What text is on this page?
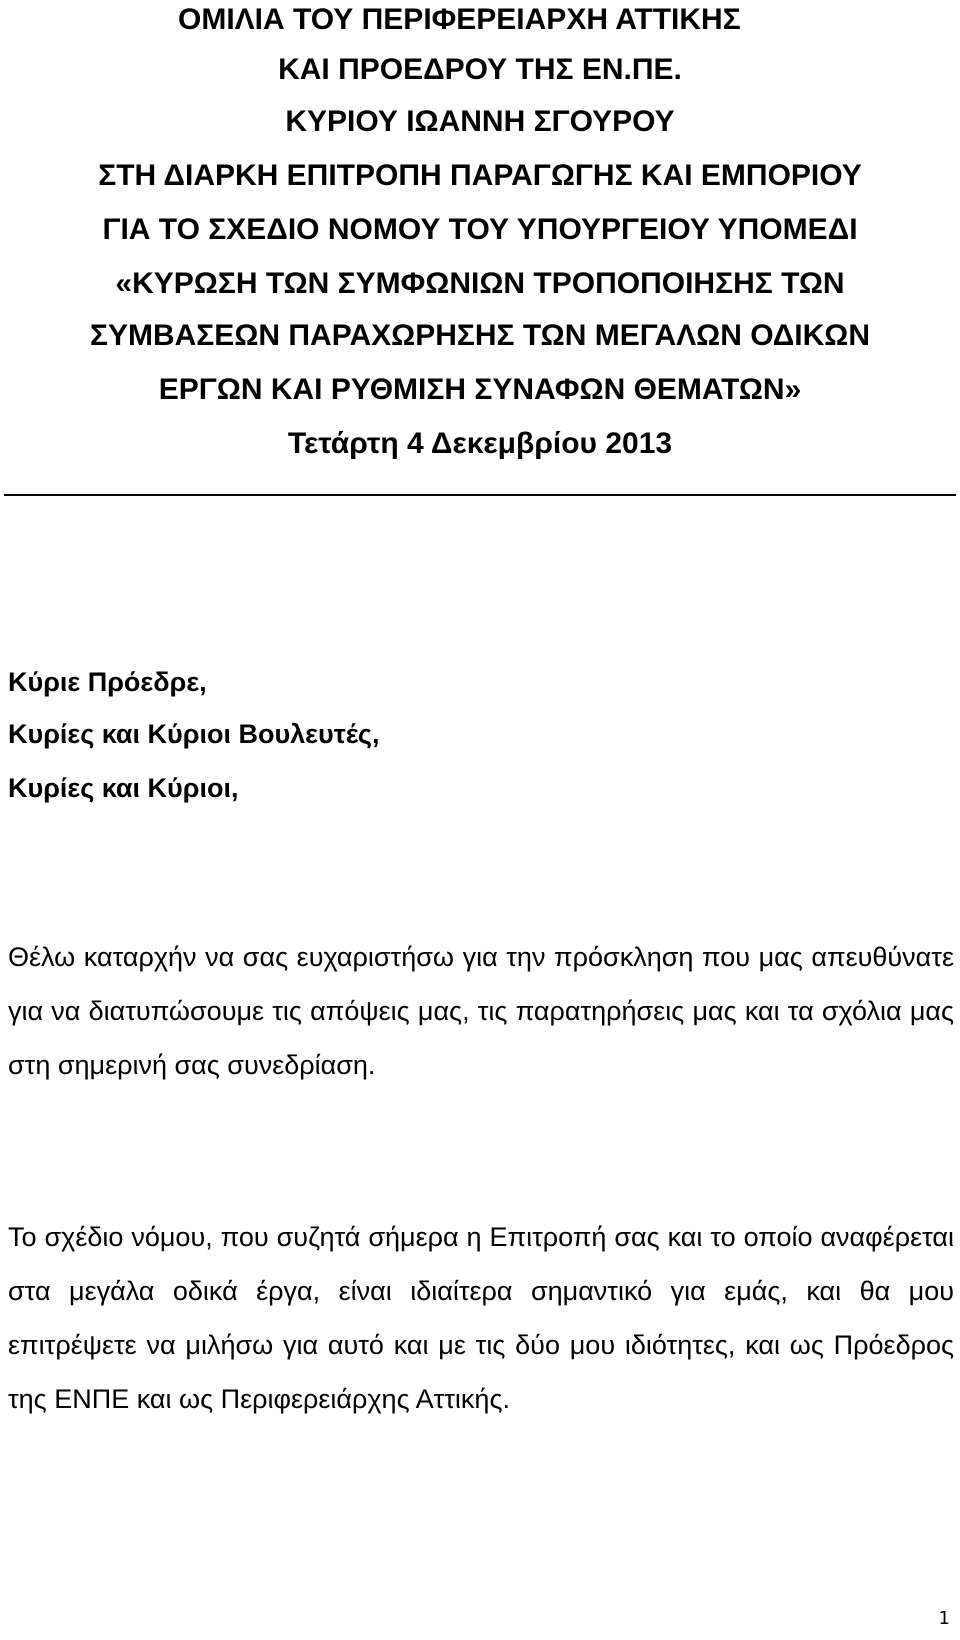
ΟΜΙΛΙΑ ΤΟΥ ΠΕΡΙΦΕΡΕΙΑΡΧΗ ΑΤΤΙΚΗΣ
ΚΑΙ ΠΡΟΕΔΡΟΥ ΤΗΣ ΕΝ.ΠΕ.
ΚΥΡΙΟΥ ΙΩΑΝΝΗ ΣΓΟΥΡΟΥ
ΣΤΗ ΔΙΑΡΚΗ ΕΠΙΤΡΟΠΗ ΠΑΡΑΓΩΓΗΣ ΚΑΙ ΕΜΠΟΡΙΟΥ
ΓΙΑ ΤΟ ΣΧΕΔΙΟ ΝΟΜΟΥ ΤΟΥ ΥΠΟΥΡΓΕΙΟΥ ΥΠΟΜΕΔΙ
«ΚΥΡΩΣΗ ΤΩΝ ΣΥΜΦΩΝΙΩΝ ΤΡΟΠΟΠΟΙΗΣΗΣ ΤΩΝ
ΣΥΜΒΑΣΕΩΝ ΠΑΡΑΧΩΡΗΣΗΣ ΤΩΝ ΜΕΓΑΛΩΝ ΟΔΙΚΩΝ
ΕΡΓΩΝ ΚΑΙ ΡΥΘΜΙΣΗ ΣΥΝΑΦΩΝ ΘΕΜΑΤΩΝ»
Τετάρτη 4 Δεκεμβρίου 2013
Κύριε Πρόεδρε,
Κυρίες και Κύριοι Βουλευτές,
Κυρίες και Κύριοι,
Θέλω καταρχήν να σας ευχαριστήσω για την πρόσκληση που μας απευθύνατε για να διατυπώσουμε τις απόψεις μας, τις παρατηρήσεις μας και τα σχόλια μας στη σημερινή σας συνεδρίαση.
Το σχέδιο νόμου, που συζητά σήμερα η Επιτροπή σας και το οποίο αναφέρεται στα μεγάλα οδικά έργα, είναι ιδιαίτερα σημαντικό για εμάς, και θα μου επιτρέψετε να μιλήσω για αυτό και με τις δύο μου ιδιότητες, και ως Πρόεδρος της ΕΝΠΕ και ως Περιφερειάρχης Αττικής.
1
